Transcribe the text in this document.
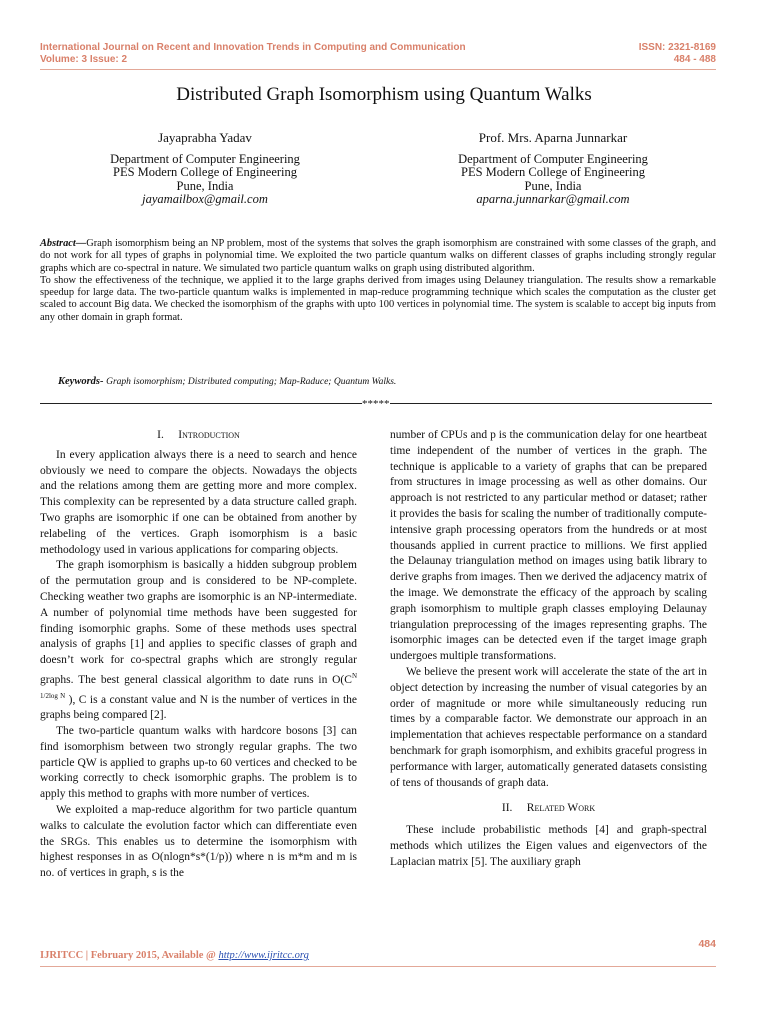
International Journal on Recent and Innovation Trends in Computing and Communication
Volume: 3 Issue: 2
ISSN: 2321-8169
484 - 488
Distributed Graph Isomorphism using Quantum Walks
Jayaprabha Yadav
Department of Computer Engineering
PES Modern College of Engineering
Pune, India
jayamailbox@gmail.com
Prof. Mrs. Aparna Junnarkar
Department of Computer Engineering
PES Modern College of Engineering
Pune, India
aparna.junnarkar@gmail.com

Abstract—Graph isomorphism being an NP problem, most of the systems that solves the graph isomorphism are constrained with some classes of the graph, and do not work for all types of graphs in polynomial time. We exploited the two particle quantum walks on different classes of graphs including strongly regular graphs which are co-spectral in nature. We simulated two particle quantum walks on graph using distributed algorithm.

To show the effectiveness of the technique, we applied it to the large graphs derived from images using Delauney triangulation. The results show a remarkable speedup for large data. The two-particle quantum walks is implemented in map-reduce programming technique which scales the computation as the cluster get scaled to account Big data. We checked the isomorphism of the graphs with upto 100 vertices in polynomial time. The system is scalable to accept big inputs from any other domain in graph format.

Keywords- Graph isomorphism; Distributed computing; Map-Raduce; Quantum Walks.
*****

I. Introduction

In every application always there is a need to search and hence obviously we need to compare the objects. Nowadays the objects and the relations among them are getting more and more complex. This complexity can be represented by a data structure called graph. Two graphs are isomorphic if one can be obtained from another by relabeling of the vertices. Graph isomorphism is a basic methodology used in various applications for comparing objects.

The graph isomorphism is basically a hidden subgroup problem of the permutation group and is considered to be NP-complete. Checking weather two graphs are isomorphic is an NP-intermediate. A number of polynomial time methods have been suggested for finding isomorphic graphs. Some of these methods uses spectral analysis of graphs [1] and applies to specific classes of graph and doesn’t work for co-spectral graphs which are strongly regular graphs. The best general classical algorithm to date runs in $O(C^{N 1/2log N}$ ), C is a constant value and N is the number of vertices in the graphs being compared [2].

The two-particle quantum walks with hardcore bosons [3] can find isomorphism between two strongly regular graphs. The two particle QW is applied to graphs up-to 60 vertices and checked to be working correctly to check isomorphic graphs. The problem is to apply this method to graphs with more number of vertices.

We exploited a map-reduce algorithm for two particle quantum walks to calculate the evolution factor which can differentiate even the SRGs. This enables us to determine the isomorphism with highest responses in as O(nlogn*s*(1/p)) where n is m*m and m is no. of vertices in graph, s is the

number of CPUs and p is the communication delay for one heartbeat time independent of the number of vertices in the graph. The technique is applicable to a variety of graphs that can be prepared from structures in image processing as well as other domains. Our approach is not restricted to any particular method or dataset; rather it provides the basis for scaling the number of traditionally compute-intensive graph processing operators from the hundreds or at most thousands applied in current practice to millions. We first applied the Delaunay triangulation method on images using batik library to derive graphs from images. Then we derived the adjacency matrix of the image. We demonstrate the efficacy of the approach by scaling graph isomorphism to multiple graph classes employing Delaunay triangulation preprocessing of the images representing graphs. The isomorphic images can be detected even if the target image graph undergoes multiple transformations.

We believe the present work will accelerate the state of the art in object detection by increasing the number of visual categories by an order of magnitude or more while simultaneously reducing run times by a comparable factor. We demonstrate our approach in an implementation that achieves respectable performance on a standard benchmark for graph isomorphism, and exhibits graceful progress in performance with larger, automatically generated datasets consisting of tens of thousands of graph data.

II. Related Work

These include probabilistic methods [4] and graph-spectral methods which utilizes the Eigen values and eigenvectors of the Laplacian matrix [5]. The auxiliary graph

484
IJRITCC | February 2015, Available @ http://www.ijritcc.org
